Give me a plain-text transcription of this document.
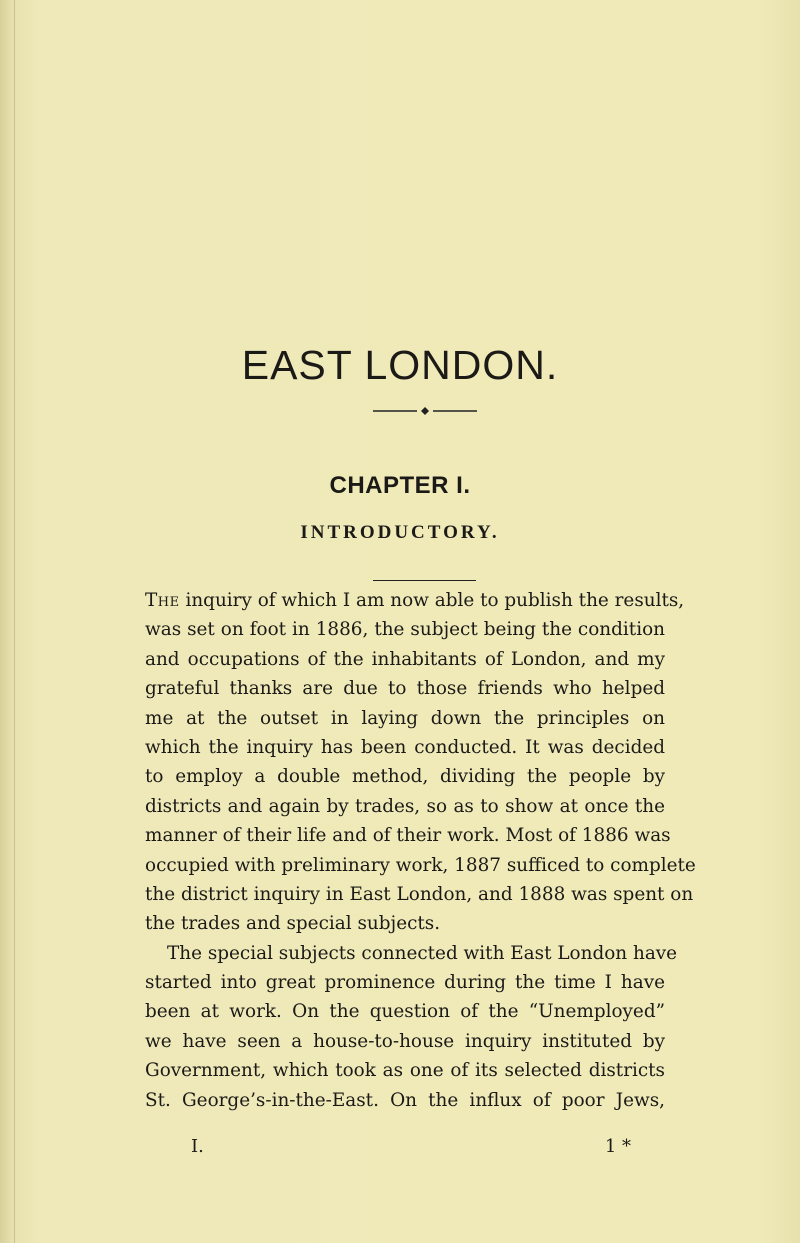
EAST LONDON.
CHAPTER I.
INTRODUCTORY.
The inquiry of which I am now able to publish the results,
was set on foot in 1886, the subject being the condition
and occupations of the inhabitants of London, and my
grateful thanks are due to those friends who helped
me at the outset in laying down the principles on
which the inquiry has been conducted. It was decided
to employ a double method, dividing the people by
districts and again by trades, so as to show at once the
manner of their life and of their work. Most of 1886 was
occupied with preliminary work, 1887 sufficed to complete
the district inquiry in East London, and 1888 was spent on
the trades and special subjects.
The special subjects connected with East London have
started into great prominence during the time I have
been at work. On the question of the “Unemployed”
we have seen a house-to-house inquiry instituted by
Government, which took as one of its selected districts
St. George’s-in-the-East. On the influx of poor Jews,
I.	1 *
